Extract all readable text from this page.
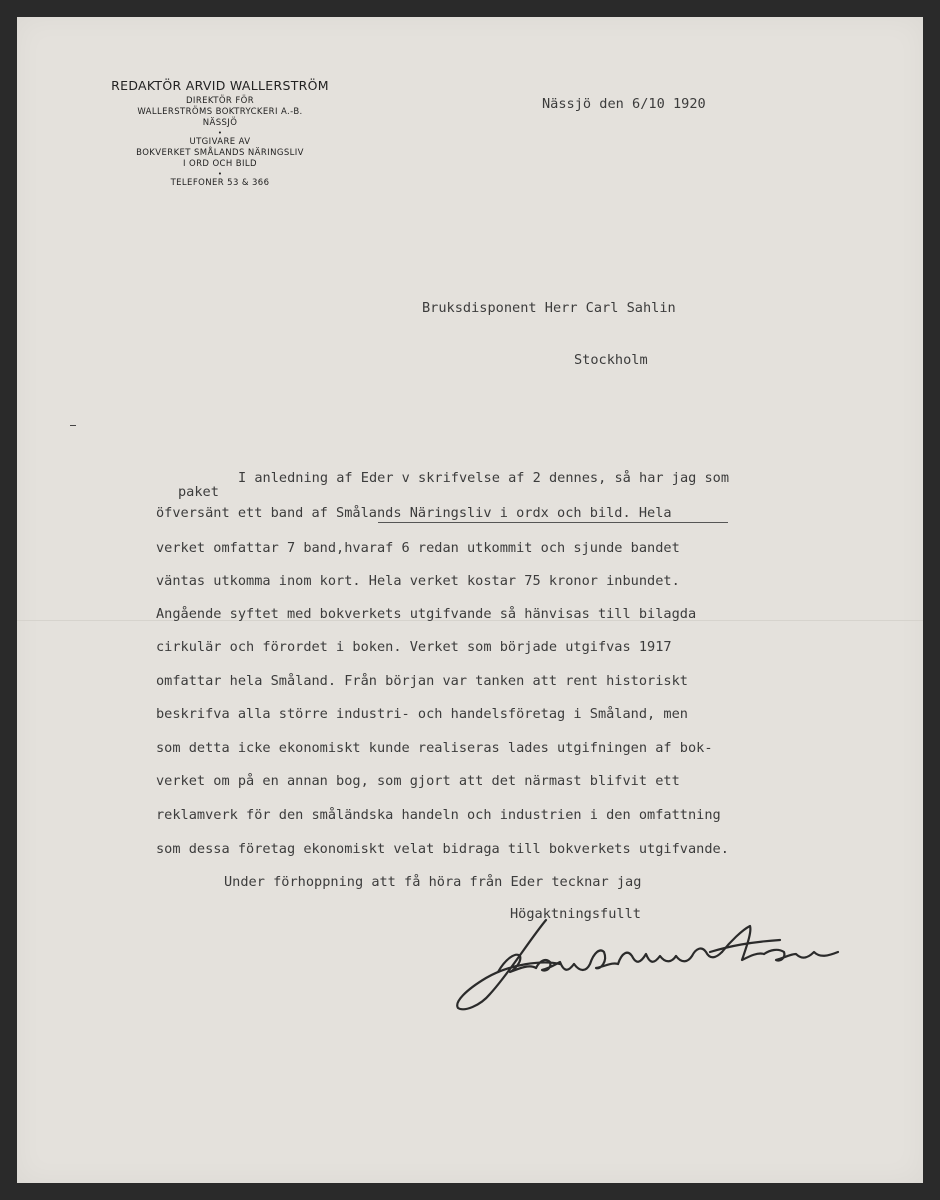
REDAKTÖR ARVID WALLERSTRÖM
DIREKTÖR FÖR
WALLERSTRÖMS BOKTRYCKERI A.-B.
NÄSSJÖ
•
UTGIVARE AV
BOKVERKET SMÅLANDS NÄRINGSLIV
I ORD OCH BILD
•
TELEFONER 53 & 366
Nässjö den 6/10 1920
Bruksdisponent Herr Carl Sahlin
Stockholm
I anledning af Eder v skrifvelse af 2 dennes, så har jag som
paket
öfversänt ett band af Smålands Näringsliv i ordx och bild. Hela
verket omfattar 7 band,hvaraf 6 redan utkommit och sjunde bandet
väntas utkomma inom kort. Hela verket kostar 75 kronor inbundet.
Angående syftet med bokverkets utgifvande så hänvisas till bilagda
cirkulär och förordet i boken. Verket som började utgifvas 1917
omfattar hela Småland. Från början var tanken att rent historiskt
beskrifva alla större industri- och handelsföretag i Småland, men
som detta icke ekonomiskt kunde realiseras lades utgifningen af bok-
verket om på en annan bog, som gjort att det närmast blifvit ett
reklamverk för den småländska handeln och industrien i den omfattning
som dessa företag ekonomiskt velat bidraga till bokverkets utgifvande.
Under förhoppning att få höra från Eder tecknar jag
Högaktningsfullt
